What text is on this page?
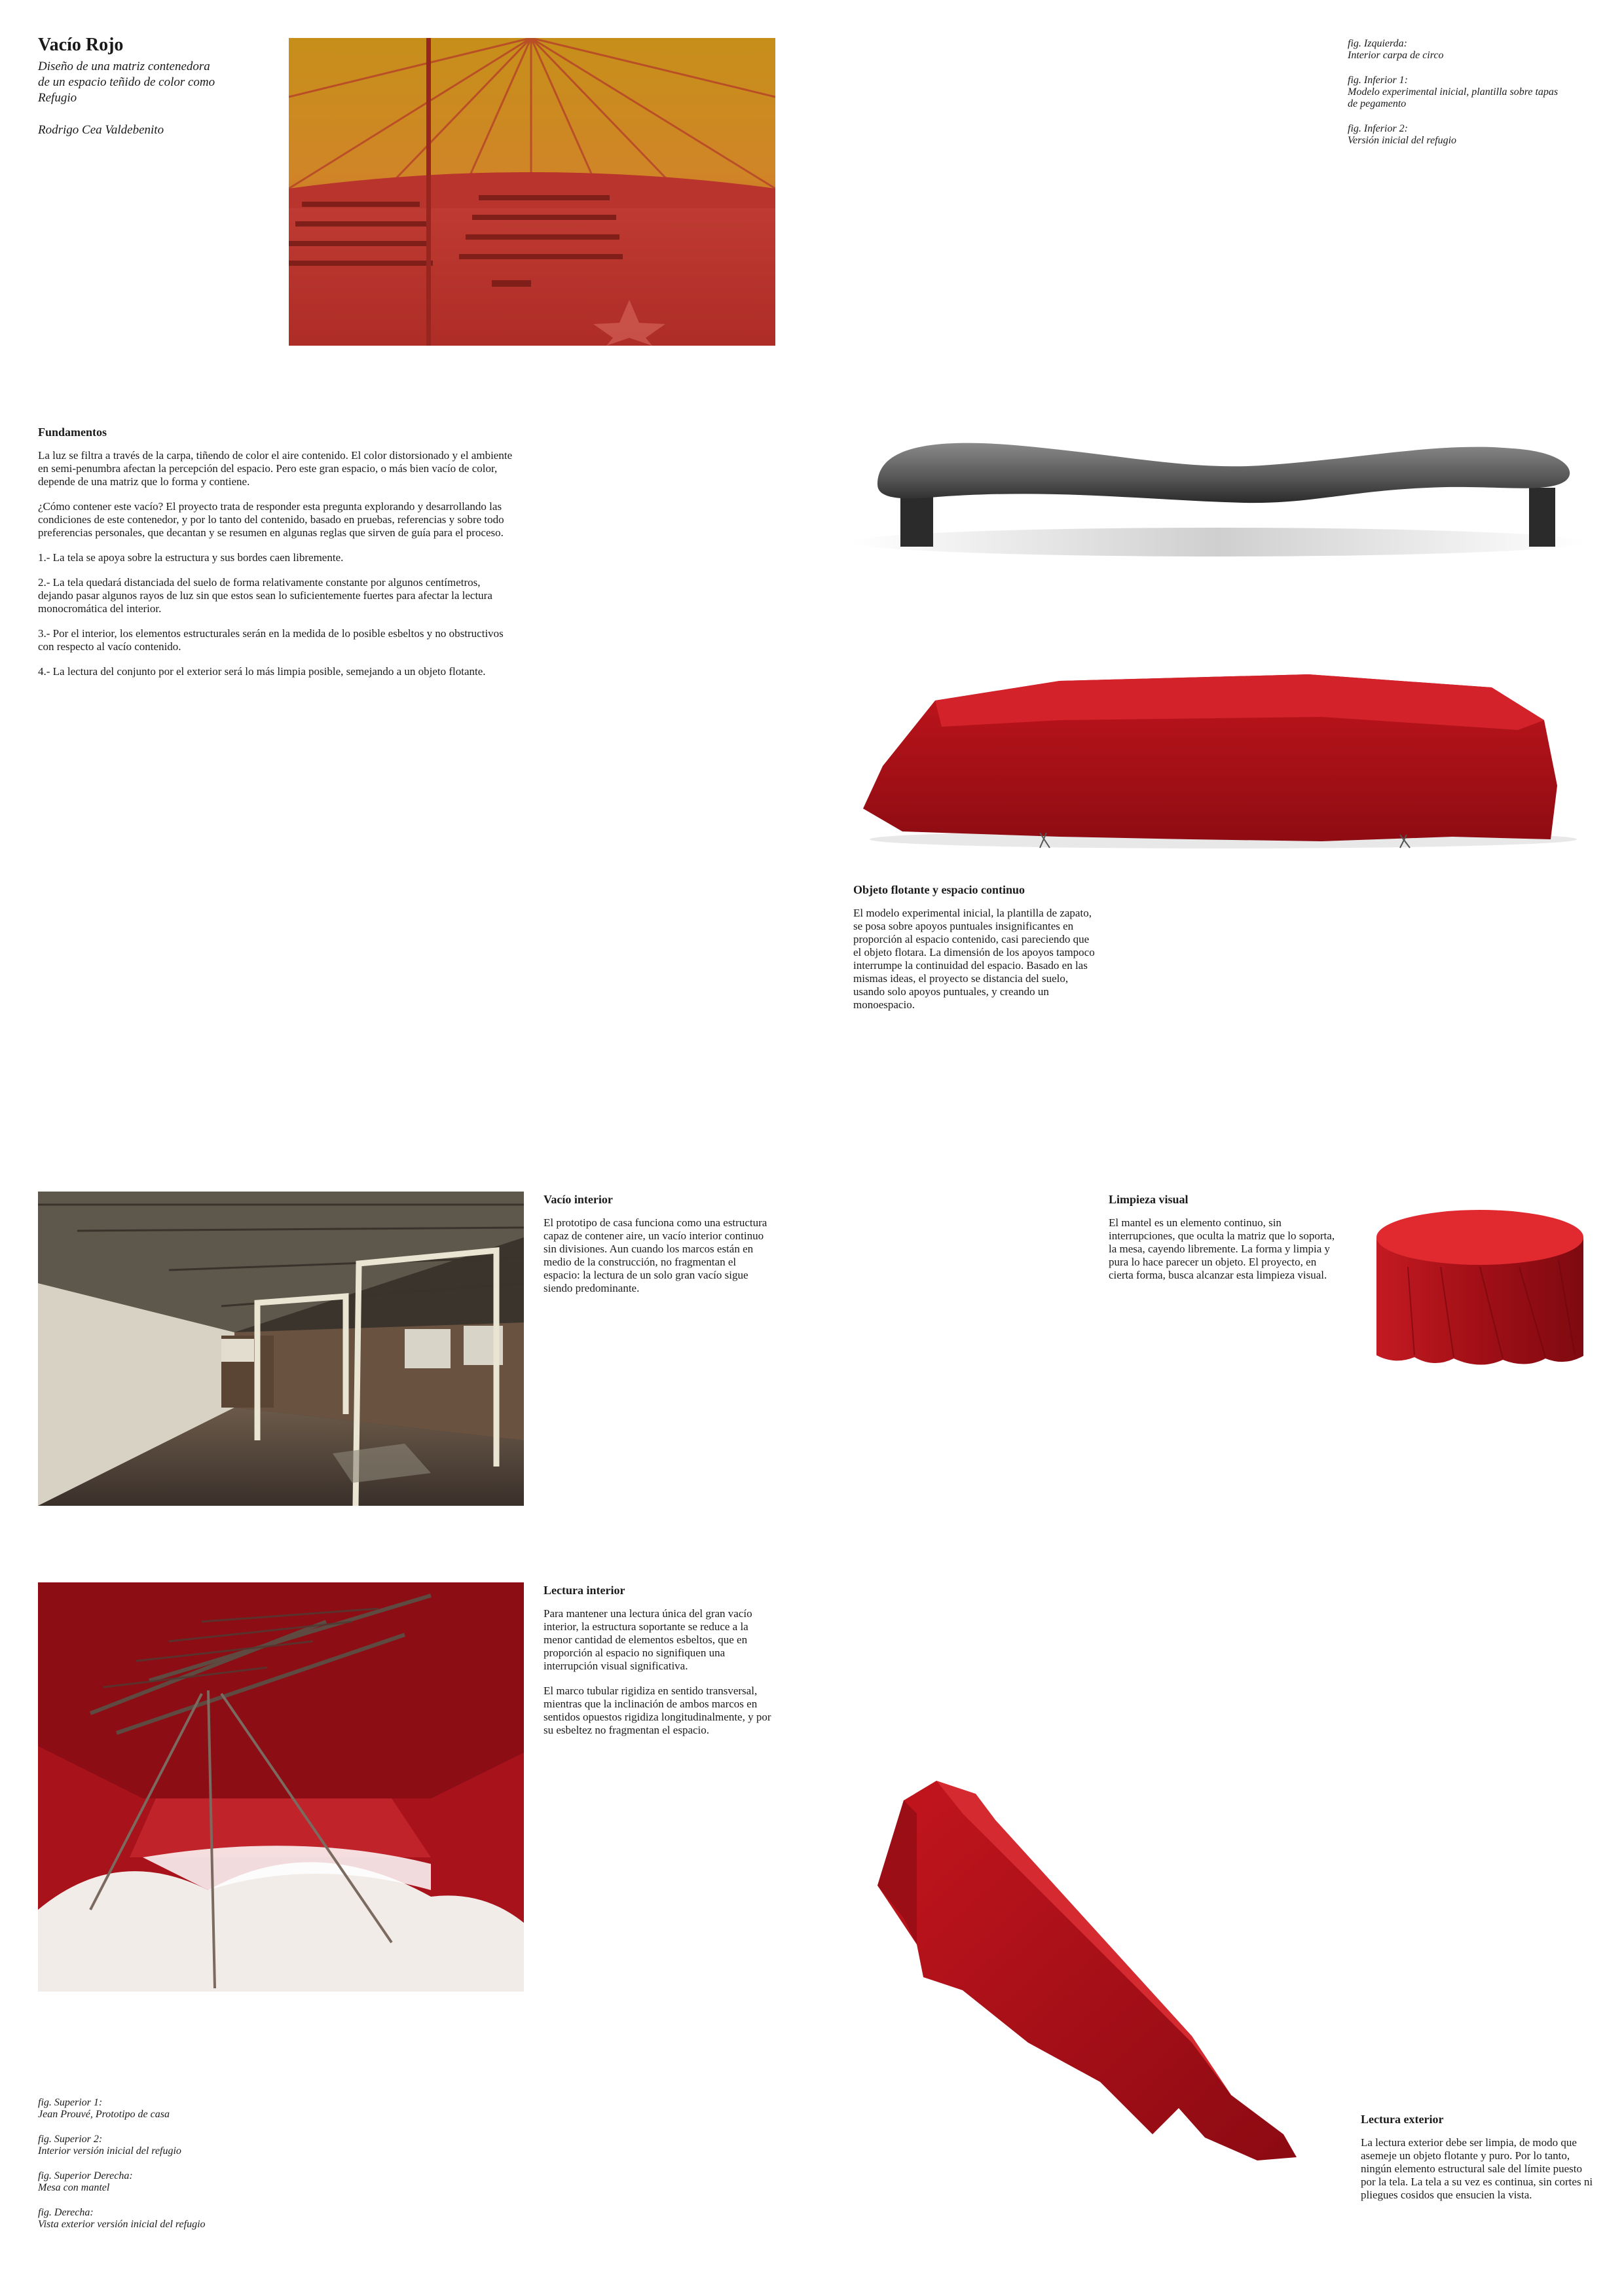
Vacío Rojo
Diseño de una matriz contenedora
de un espacio teñido de color como
Refugio
Rodrigo Cea Valdebenito
fig. Izquierda:
Interior carpa de circo
fig. Inferior 1:
Modelo experimental inicial, plantilla sobre tapas de pegamento
fig. Inferior 2:
Versión inicial del refugio
Fundamentos

La luz se filtra a través de la carpa, tiñendo de color el aire contenido. El color distorsionado y el ambiente en semi-penumbra afectan la percepción del espacio. Pero este gran espacio, o más bien vacío de color, depende de una matriz que lo forma y contiene.

¿Cómo contener este vacío? El proyecto trata de responder esta pregunta explorando y desarrollando las condiciones de este contenedor, y por lo tanto del contenido, basado en pruebas, referencias y sobre todo preferencias personales, que decantan y se resumen en algunas reglas que sirven de guía para el proceso.

1.- La tela se apoya sobre la estructura y sus bordes caen libremente.

2.- La tela quedará distanciada del suelo de forma relativamente constante por algunos centímetros, dejando pasar algunos rayos de luz sin que estos sean lo suficientemente fuertes para afectar la lectura monocromática del interior.

3.- Por el interior, los elementos estructurales serán en la medida de lo posible esbeltos y no obstructivos con respecto al vacío contenido.

4.- La lectura del conjunto por el exterior será lo más limpia posible, semejando a un objeto flotante.

Objeto flotante y espacio continuo
El modelo experimental inicial, la plantilla de zapato, se posa sobre apoyos puntuales insignificantes en proporción al espacio contenido, casi pareciendo que el objeto flotara. La dimensión de los apoyos tampoco interrumpe la continuidad del espacio. Basado en las mismas ideas, el proyecto se distancia del suelo, usando solo apoyos puntuales, y creando un monoespacio.
Vacío interior
El prototipo de casa funciona como una estructura capaz de contener aire, un vacío interior continuo sin divisiones. Aun cuando los marcos están en medio de la construcción, no fragmentan el espacio: la lectura de un solo gran vacío sigue siendo predominante.
Limpieza visual
El mantel es un elemento continuo, sin interrupciones, que oculta la matriz que lo soporta, la mesa, cayendo libremente. La forma y limpia y pura lo hace parecer un objeto. El proyecto, en cierta forma, busca alcanzar esta limpieza visual.
Lectura interior

Para mantener una lectura única del gran vacío interior, la estructura soportante se reduce a la menor cantidad de elementos esbeltos, que en proporción al espacio no signifiquen una interrupción visual significativa.

El marco tubular rigidiza en sentido transversal, mientras que la inclinación de ambos marcos en sentidos opuestos rigidiza longitudinalmente, y por su esbeltez no fragmentan el espacio.

Lectura exterior
La lectura exterior debe ser limpia, de modo que asemeje un objeto flotante y puro. Por lo tanto, ningún elemento estructural sale del límite puesto por la tela. La tela a su vez es continua, sin cortes ni pliegues cosidos que ensucien la vista.
fig. Superior 1:
Jean Prouvé, Prototipo de casa
fig. Superior 2:
Interior versión inicial del refugio
fig. Superior Derecha:
Mesa con mantel
fig. Derecha:
Vista exterior versión inicial del refugio
